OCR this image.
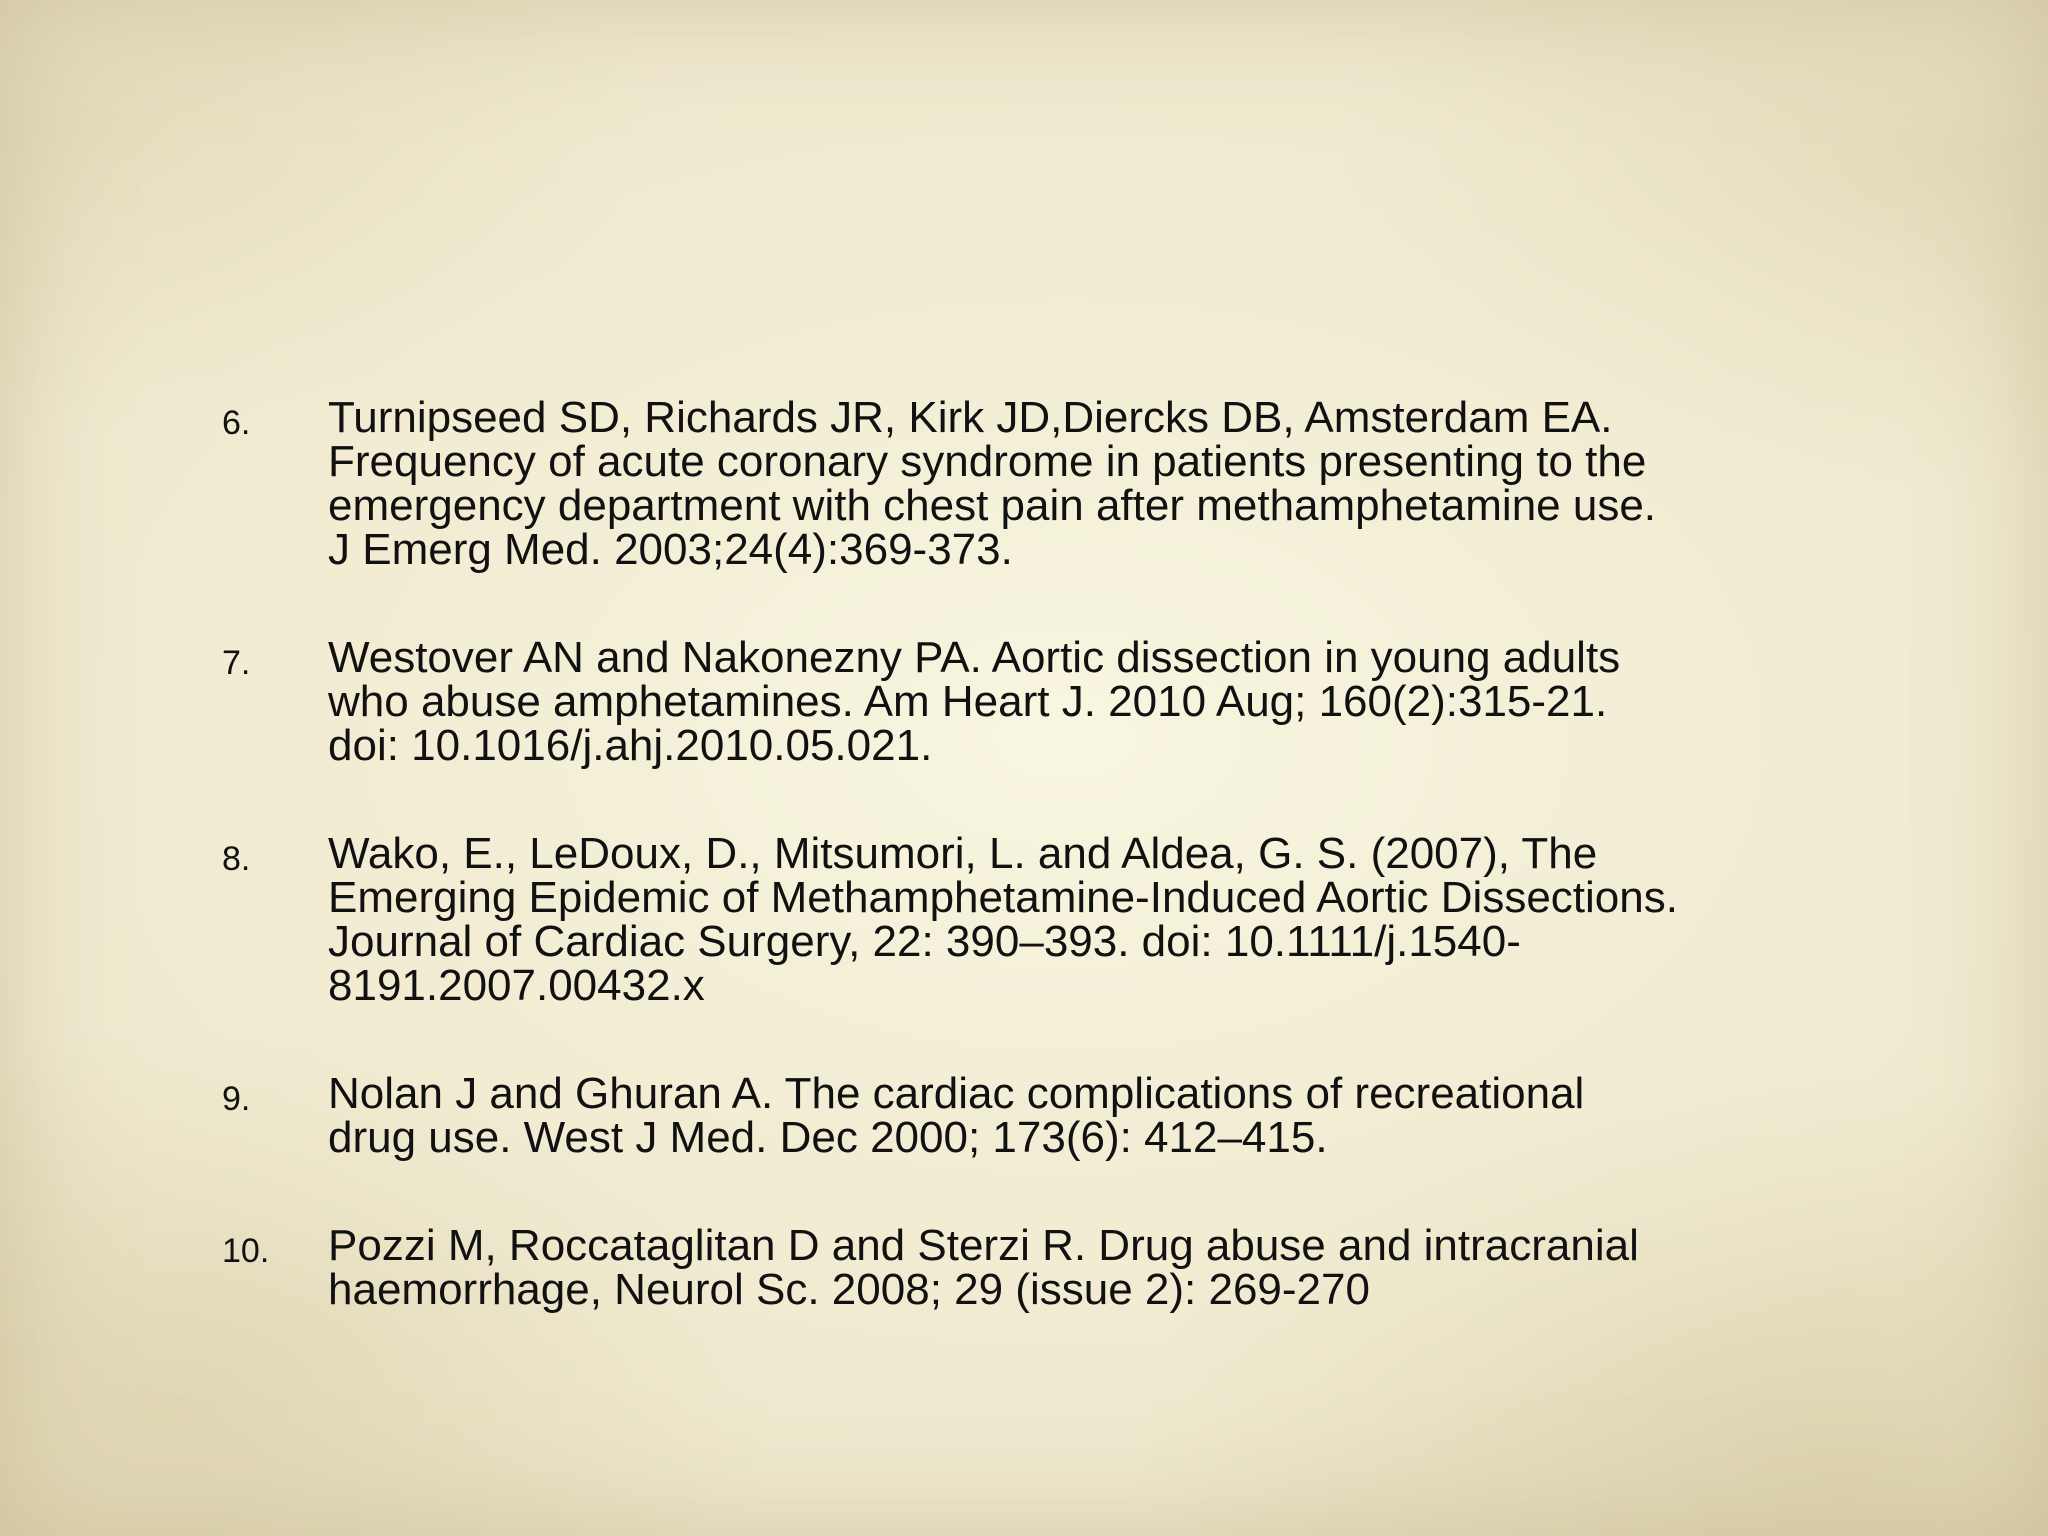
6. Turnipseed SD, Richards JR, Kirk JD,Diercks DB, Amsterdam EA.
Frequency of acute coronary syndrome in patients presenting to the
emergency department with chest pain after methamphetamine use.
J Emerg Med. 2003;24(4):369-373.
7. Westover AN and Nakonezny PA. Aortic dissection in young adults
who abuse amphetamines. Am Heart J. 2010 Aug; 160(2):315-21.
doi: 10.1016/j.ahj.2010.05.021.
8. Wako, E., LeDoux, D., Mitsumori, L. and Aldea, G. S. (2007), The
Emerging Epidemic of Methamphetamine-Induced Aortic Dissections.
Journal of Cardiac Surgery, 22: 390–393. doi: 10.1111/j.1540-
8191.2007.00432.x
9. Nolan J and Ghuran A. The cardiac complications of recreational
drug use. West J Med. Dec 2000; 173(6): 412–415.
10. Pozzi M, Roccataglitan D and Sterzi R. Drug abuse and intracranial
haemorrhage, Neurol Sc. 2008; 29 (issue 2): 269-270
